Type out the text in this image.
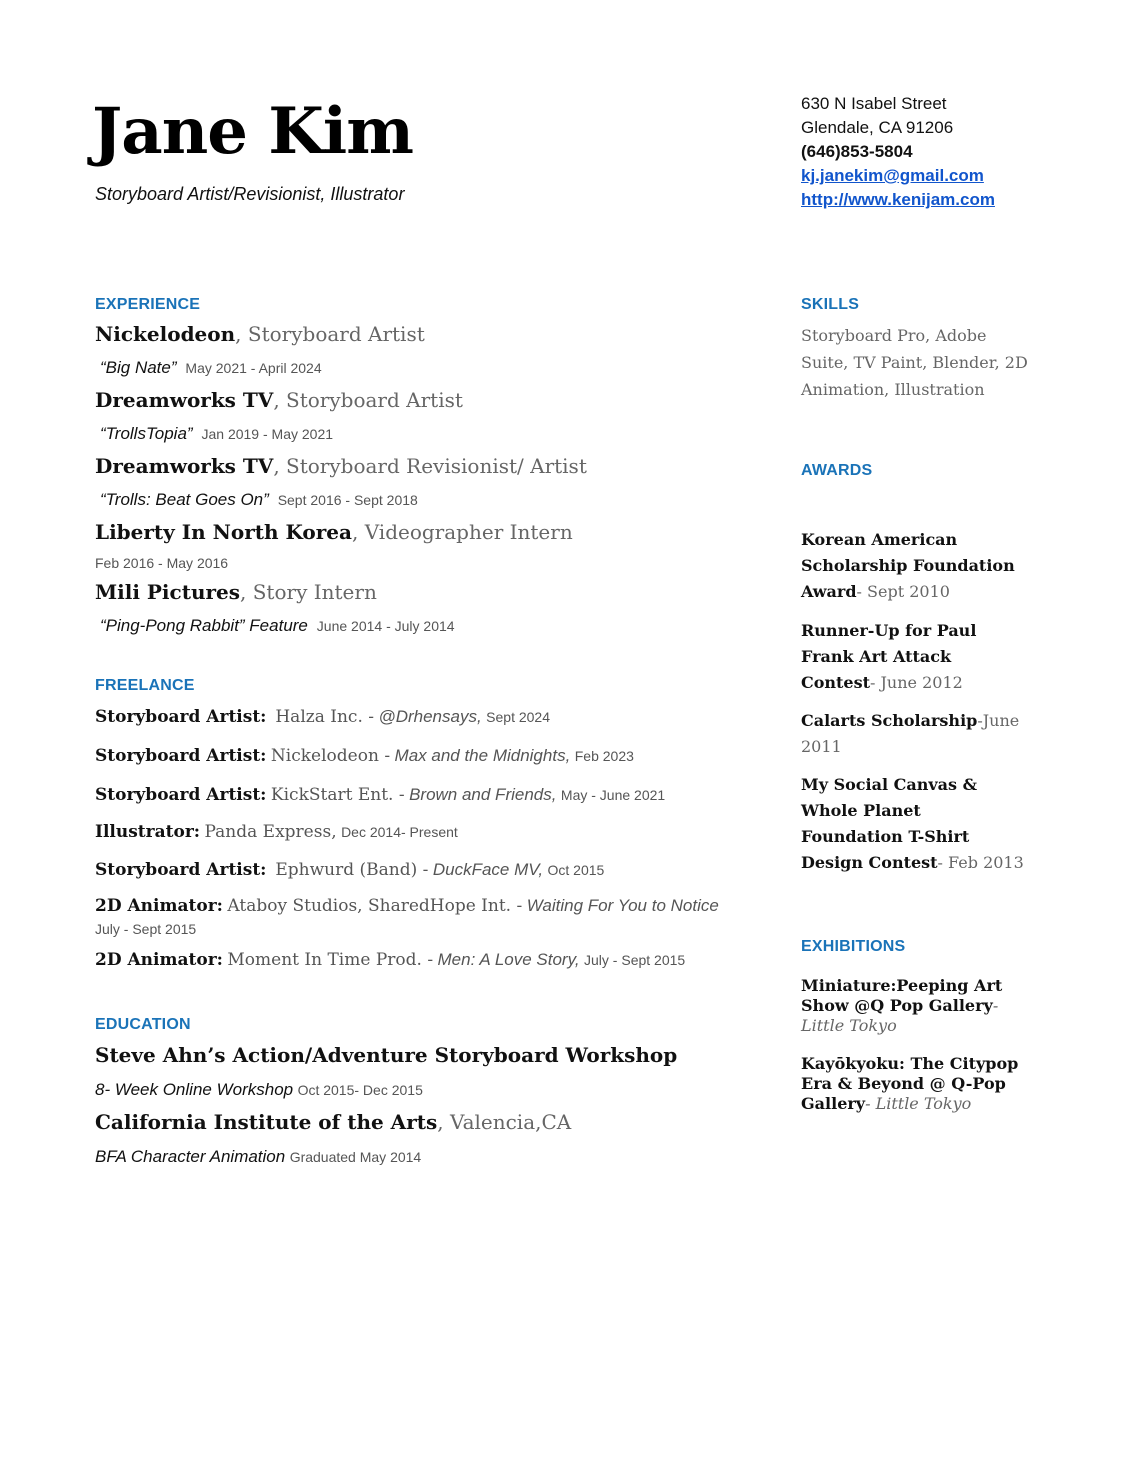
Jane Kim
Storyboard Artist/Revisionist, Illustrator
630 N Isabel Street
Glendale, CA 91206
(646)853-5804
kj.janekim@gmail.com
http://www.kenijam.com
EXPERIENCE
Nickelodeon, Storyboard Artist
“Big Nate” May 2021 - April 2024
Dreamworks TV, Storyboard Artist
“TrollsTopia” Jan 2019 - May 2021
Dreamworks TV, Storyboard Revisionist/ Artist
“Trolls: Beat Goes On” Sept 2016 - Sept 2018
Liberty In North Korea, Videographer Intern
Feb 2016 - May 2016
Mili Pictures, Story Intern
“Ping-Pong Rabbit” Feature June 2014 - July 2014
FREELANCE
Storyboard Artist: Halza Inc. - @Drhensays, Sept 2024
Storyboard Artist: Nickelodeon - Max and the Midnights, Feb 2023
Storyboard Artist: KickStart Ent. - Brown and Friends, May - June 2021
Illustrator: Panda Express, Dec 2014- Present
Storyboard Artist: Ephwurd (Band) - DuckFace MV, Oct 2015
2D Animator: Ataboy Studios, SharedHope Int. - Waiting For You to Notice
July - Sept 2015
2D Animator: Moment In Time Prod. - Men: A Love Story, July - Sept 2015
EDUCATION
Steve Ahn’s Action/Adventure Storyboard Workshop
8- Week Online Workshop Oct 2015- Dec 2015
California Institute of the Arts, Valencia,CA
BFA Character Animation Graduated May 2014
SKILLS
Storyboard Pro, Adobe Suite, TV Paint, Blender, 2D Animation, Illustration
AWARDS
Korean American Scholarship Foundation Award- Sept 2010
Runner-Up for Paul Frank Art Attack Contest- June 2012
Calarts Scholarship-June 2011
My Social Canvas & Whole Planet Foundation T-Shirt Design Contest- Feb 2013
EXHIBITIONS
Miniature:Peeping Art Show @Q Pop Gallery- Little Tokyo
Kayōkyoku: The Citypop Era & Beyond @ Q-Pop Gallery- Little Tokyo
